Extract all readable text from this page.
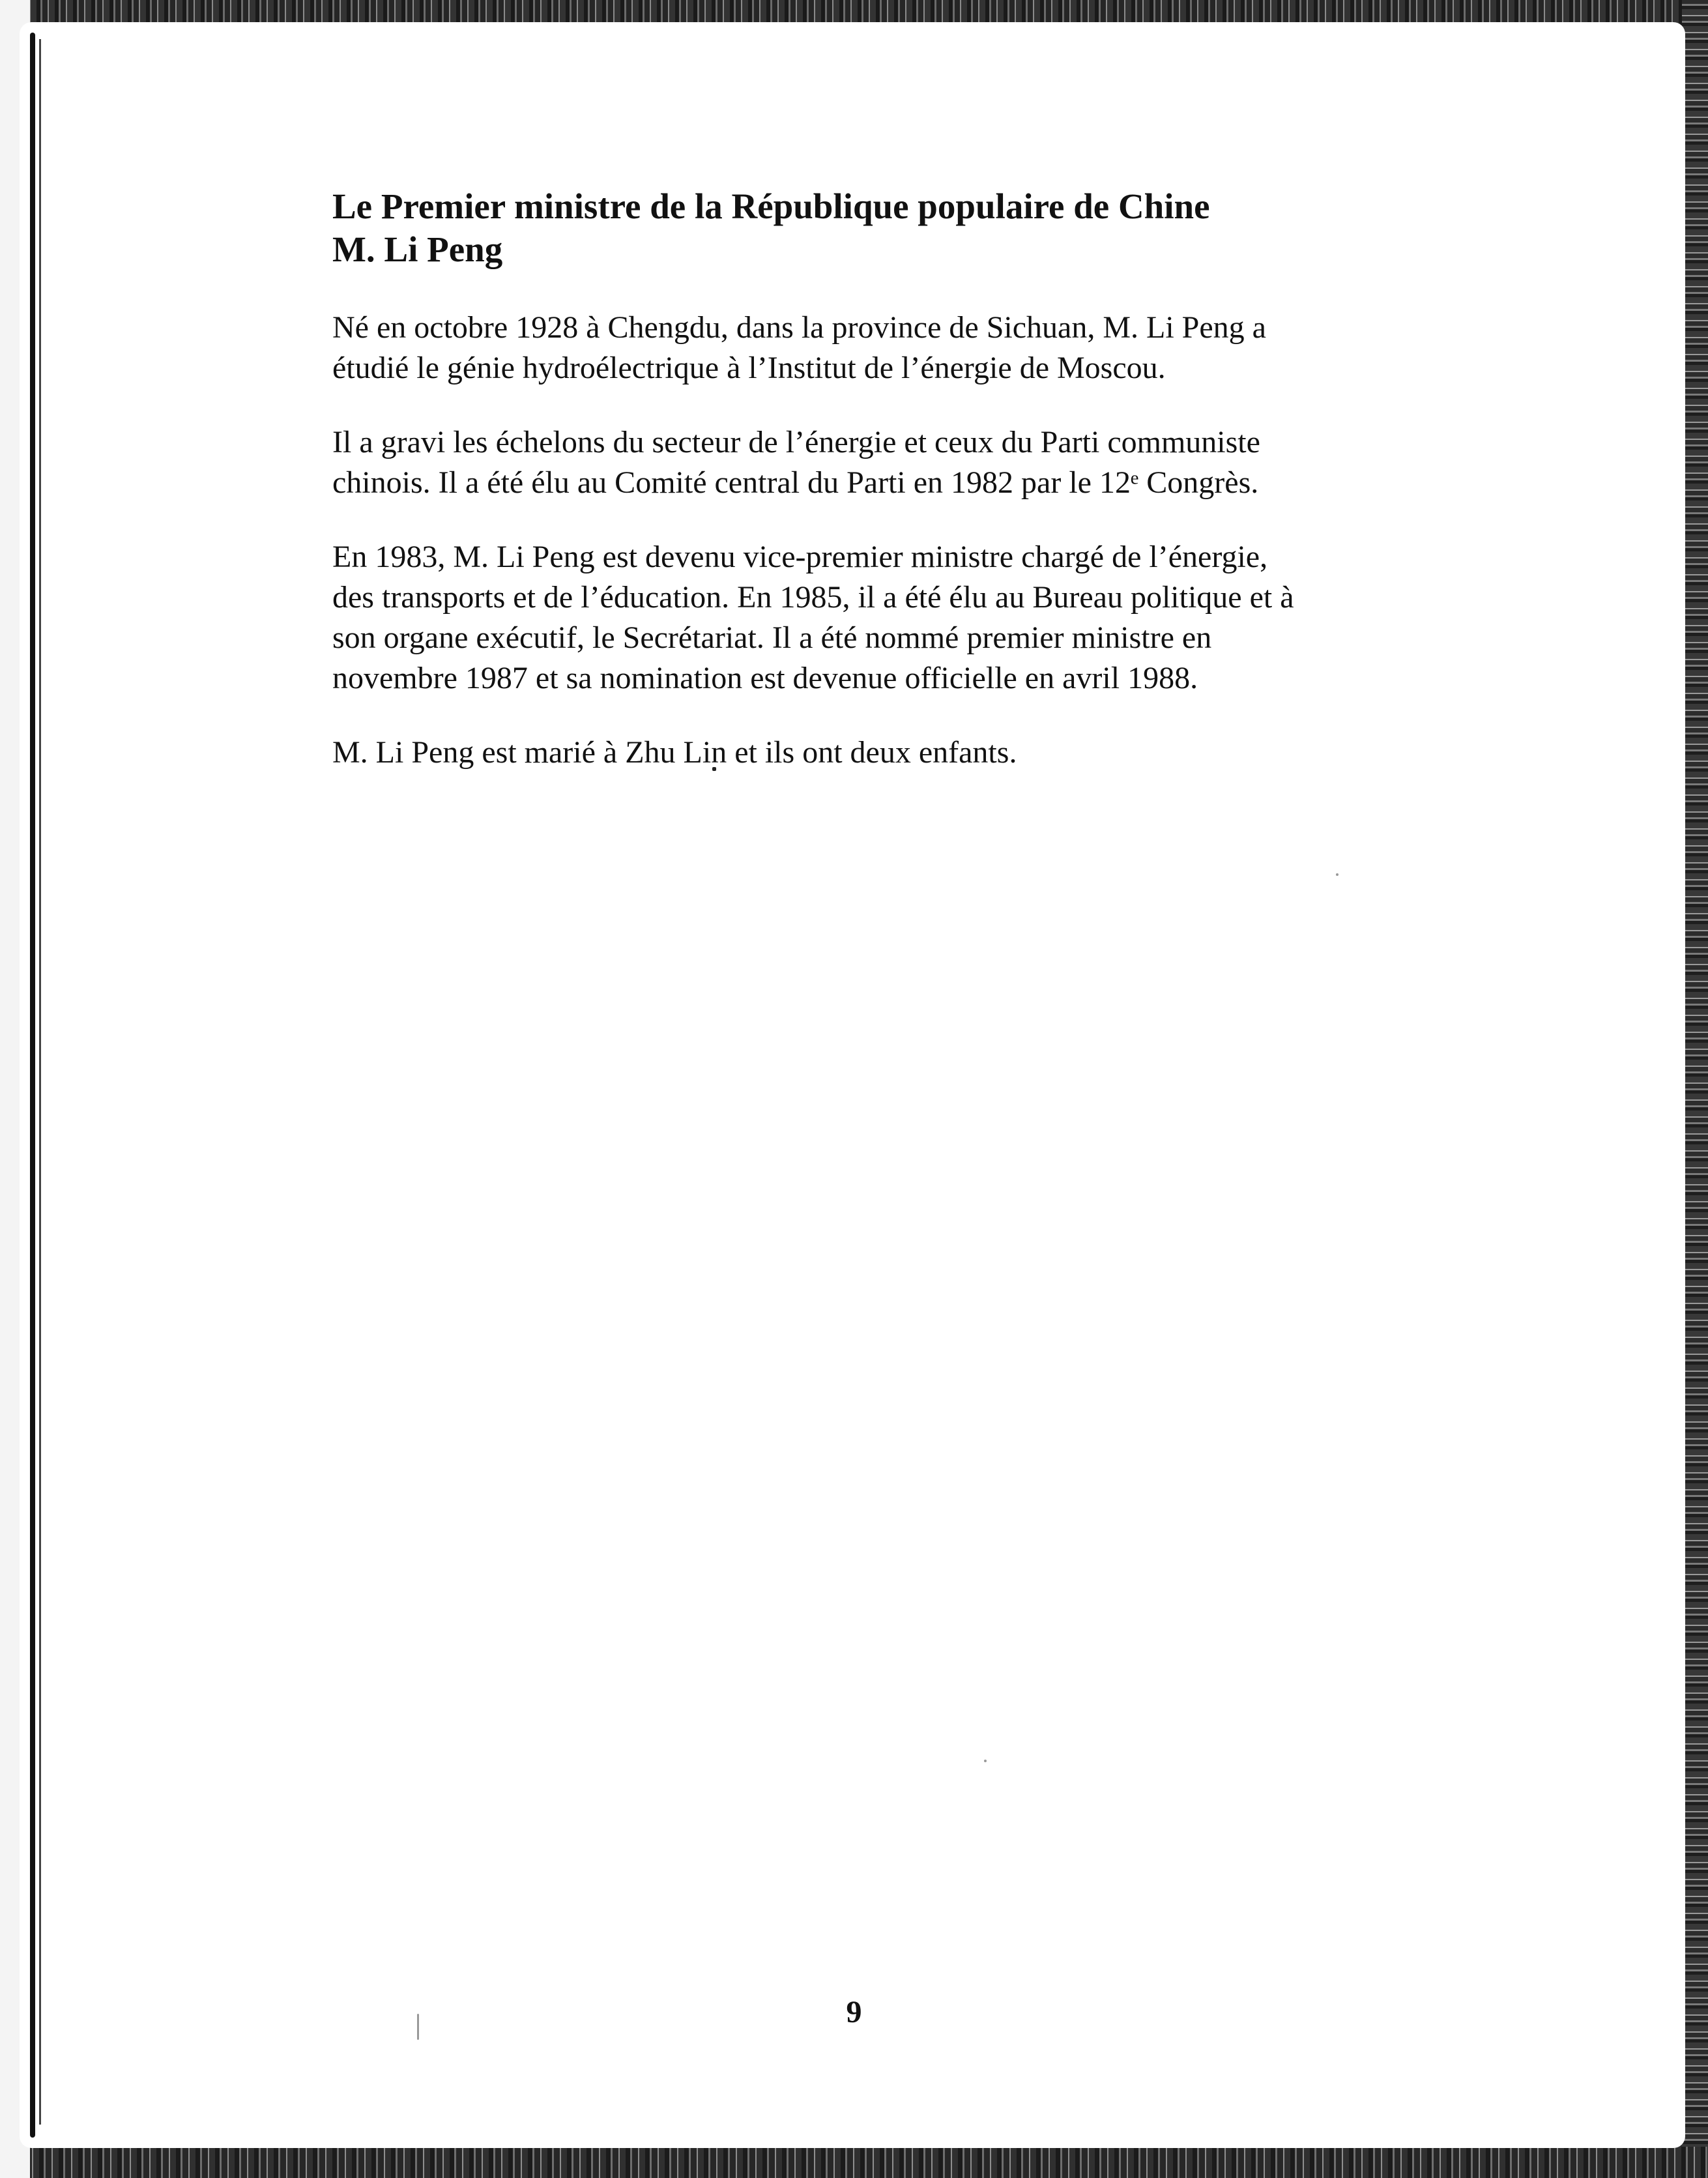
Le Premier ministre de la République populaire de Chine
M. Li Peng
Né en octobre 1928 à Chengdu, dans la province de Sichuan, M. Li Peng a
étudié le génie hydroélectrique à l’Institut de l’énergie de Moscou.
Il a gravi les échelons du secteur de l’énergie et ceux du Parti communiste
chinois. Il a été élu au Comité central du Parti en 1982 par le 12ᵉ Congrès.
En 1983, M. Li Peng est devenu vice-premier ministre chargé de l’énergie,
des transports et de l’éducation. En 1985, il a été élu au Bureau politique et à
son organe exécutif, le Secrétariat. Il a été nommé premier ministre en
novembre 1987 et sa nomination est devenue officielle en avril 1988.
M. Li Peng est marié à Zhu Lin et ils ont deux enfants.
9
